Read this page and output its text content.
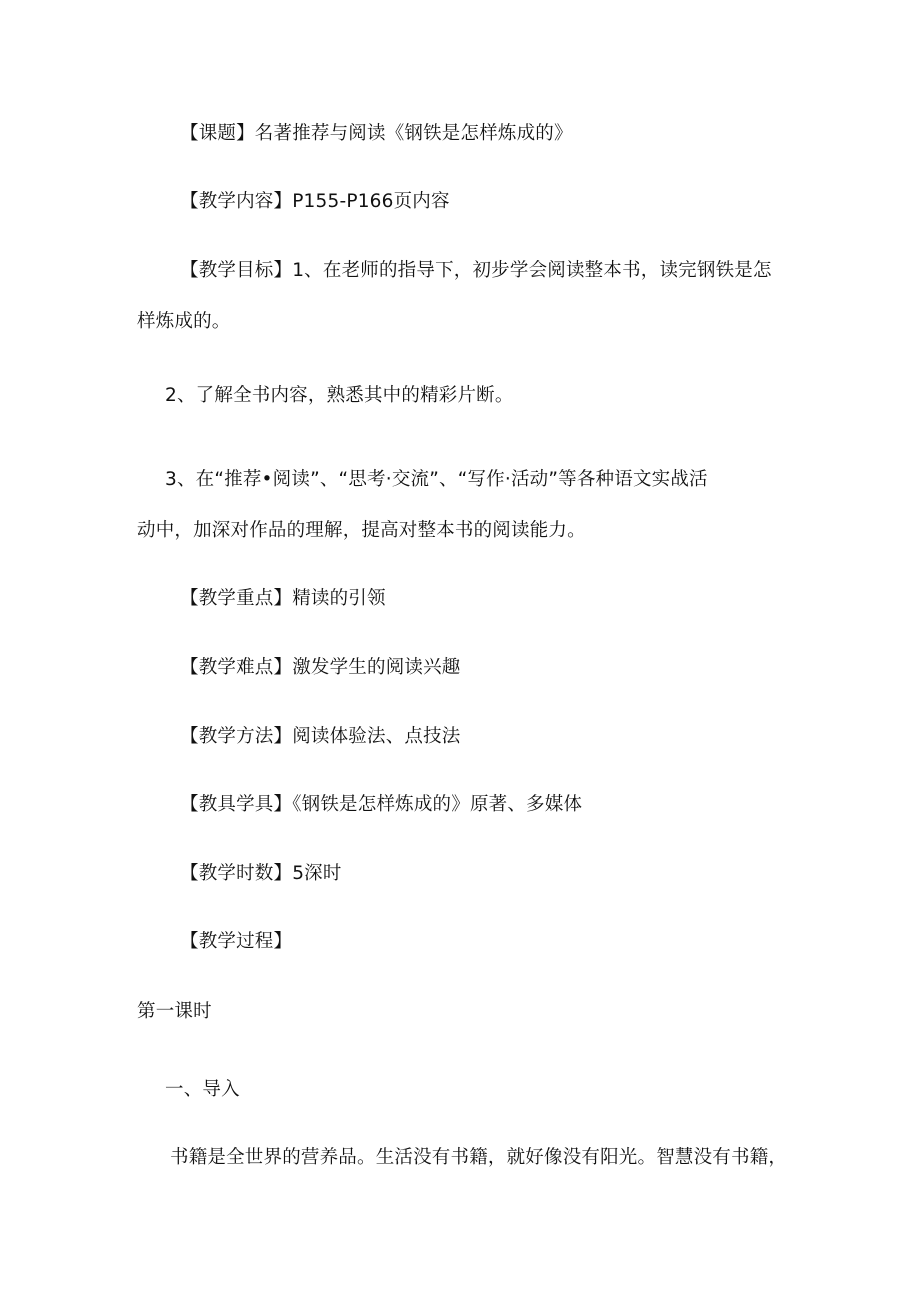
【课题】名著推荐与阅读《钢铁是怎样炼成的》
【教学内容】P155-P166页内容
【教学目标】1、在老师的指导下，初步学会阅读整本书，读完钢铁是怎
样炼成的。
2、了解全书内容，熟悉其中的精彩片断。
3、在“推荐•阅读”、“思考·交流”、“写作·活动”等各种语文实战活
动中，加深对作品的理解，提高对整本书的阅读能力。
【教学重点】精读的引领
【教学难点】激发学生的阅读兴趣
【教学方法】阅读体验法、点技法
【教具学具】《钢铁是怎样炼成的》原著、多媒体
【教学时数】5深时
【教学过程】
第一课时
一、导入
书籍是全世界的营养品。生活没有书籍，就好像没有阳光。智慧没有书籍，
